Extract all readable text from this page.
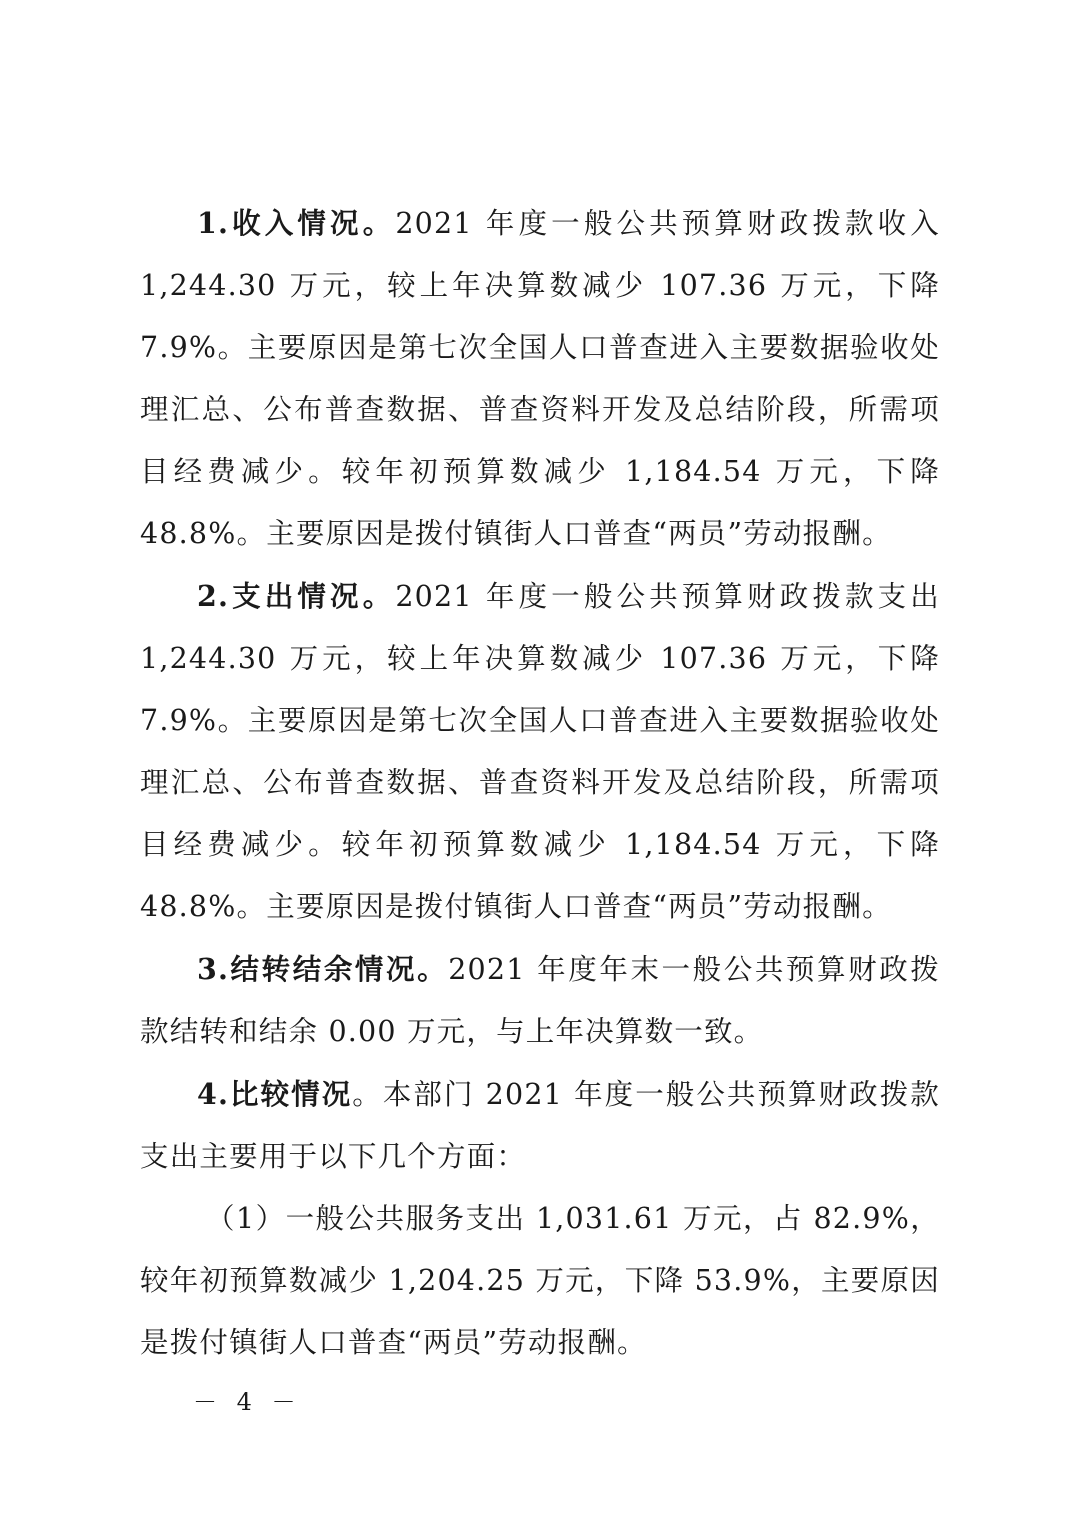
1.收入情况。2021 年度一般公共预算财政拨款收入 1,244.30 万元，较上年决算数减少 107.36 万元，下降 7.9%。主要原因是第七次全国人口普查进入主要数据验收处理汇总、公布普查数据、普查资料开发及总结阶段，所需项目经费减少。较年初预算数减少 1,184.54 万元，下降 48.8%。主要原因是拨付镇街人口普查“两员”劳动报酬。

2.支出情况。2021 年度一般公共预算财政拨款支出 1,244.30 万元，较上年决算数减少 107.36 万元，下降 7.9%。主要原因是第七次全国人口普查进入主要数据验收处理汇总、公布普查数据、普查资料开发及总结阶段，所需项目经费减少。较年初预算数减少 1,184.54 万元，下降 48.8%。主要原因是拨付镇街人口普查“两员”劳动报酬。

3.结转结余情况。2021 年度年末一般公共预算财政拨款结转和结余 0.00 万元，与上年决算数一致。

4.比较情况。本部门 2021 年度一般公共预算财政拨款支出主要用于以下几个方面：

（1）一般公共服务支出 1,031.61 万元，占 82.9%，较年初预算数减少 1,204.25 万元，下降 53.9%，主要原因是拨付镇街人口普查“两员”劳动报酬。

－ 4 －
